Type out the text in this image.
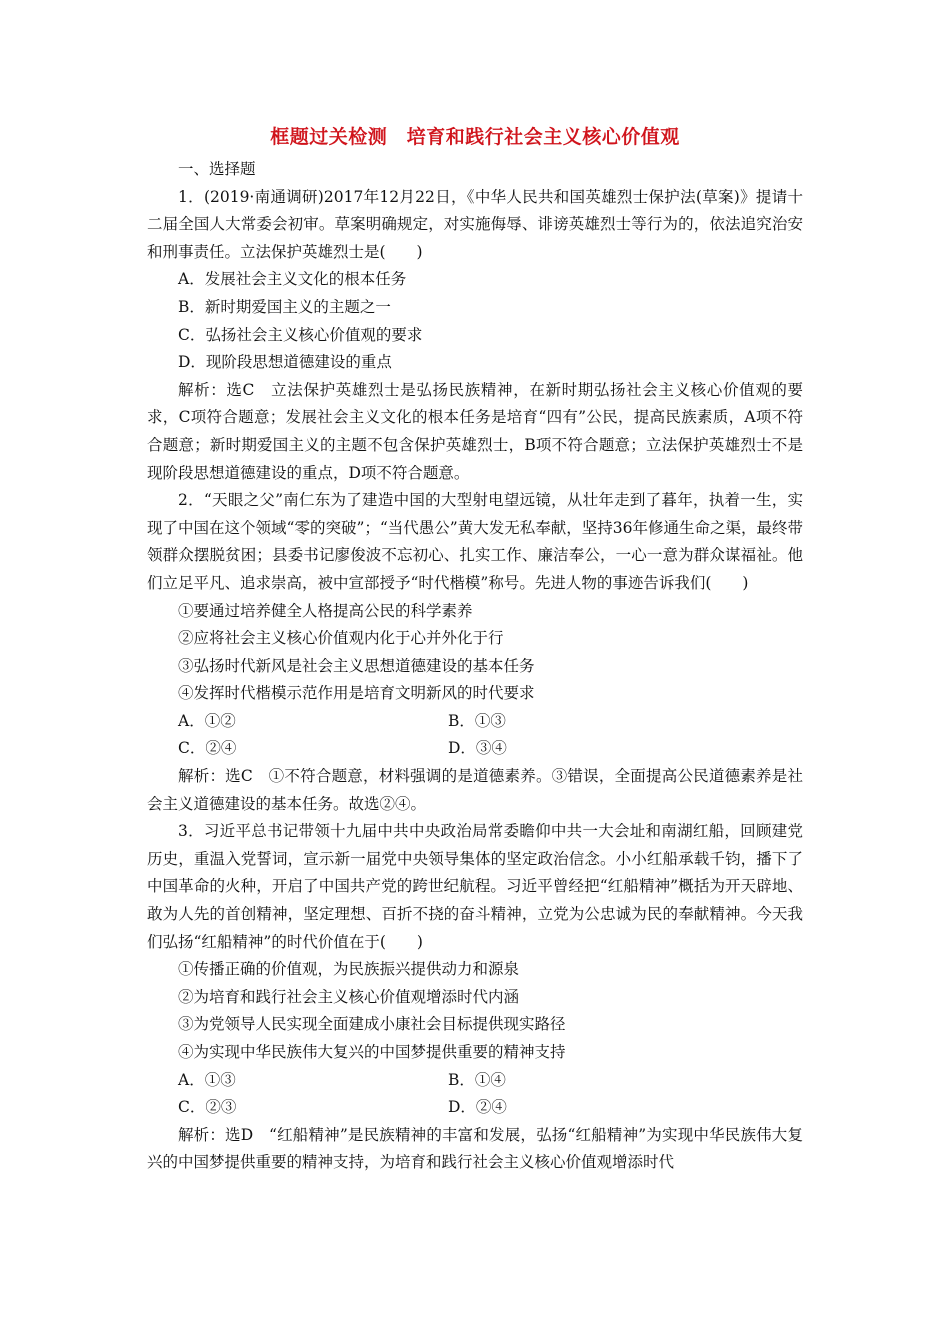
框题过关检测　培育和践行社会主义核心价值观

一、选择题

1．(2019·南通调研)2017年12月22日，《中华人民共和国英雄烈士保护法(草案)》提请十二届全国人大常委会初审。草案明确规定，对实施侮辱、诽谤英雄烈士等行为的，依法追究治安和刑事责任。立法保护英雄烈士是(　　)

A．发展社会主义文化的根本任务

B．新时期爱国主义的主题之一

C．弘扬社会主义核心价值观的要求

D．现阶段思想道德建设的重点

解析：选C　立法保护英雄烈士是弘扬民族精神，在新时期弘扬社会主义核心价值观的要求，C项符合题意；发展社会主义文化的根本任务是培育“四有”公民，提高民族素质，A项不符合题意；新时期爱国主义的主题不包含保护英雄烈士，B项不符合题意；立法保护英雄烈士不是现阶段思想道德建设的重点，D项不符合题意。

2．“天眼之父”南仁东为了建造中国的大型射电望远镜，从壮年走到了暮年，执着一生，实现了中国在这个领域“零的突破”；“当代愚公”黄大发无私奉献，坚持36年修通生命之渠，最终带领群众摆脱贫困；县委书记廖俊波不忘初心、扎实工作、廉洁奉公，一心一意为群众谋福祉。他们立足平凡、追求崇高，被中宣部授予“时代楷模”称号。先进人物的事迹告诉我们(　　)

①要通过培养健全人格提高公民的科学素养

②应将社会主义核心价值观内化于心并外化于行

③弘扬时代新风是社会主义思想道德建设的基本任务

④发挥时代楷模示范作用是培育文明新风的时代要求

A．①②	B．①③
C．②④	D．③④

解析：选C　①不符合题意，材料强调的是道德素养。③错误，全面提高公民道德素养是社会主义道德建设的基本任务。故选②④。

3．习近平总书记带领十九届中共中央政治局常委瞻仰中共一大会址和南湖红船，回顾建党历史，重温入党誓词，宣示新一届党中央领导集体的坚定政治信念。小小红船承载千钧，播下了中国革命的火种，开启了中国共产党的跨世纪航程。习近平曾经把“红船精神”概括为开天辟地、敢为人先的首创精神，坚定理想、百折不挠的奋斗精神，立党为公忠诚为民的奉献精神。今天我们弘扬“红船精神”的时代价值在于(　　)

①传播正确的价值观，为民族振兴提供动力和源泉

②为培育和践行社会主义核心价值观增添时代内涵

③为党领导人民实现全面建成小康社会目标提供现实路径

④为实现中华民族伟大复兴的中国梦提供重要的精神支持

A．①③	B．①④
C．②③	D．②④

解析：选D　“红船精神”是民族精神的丰富和发展，弘扬“红船精神”为实现中华民族伟大复兴的中国梦提供重要的精神支持，为培育和践行社会主义核心价值观增添时代
